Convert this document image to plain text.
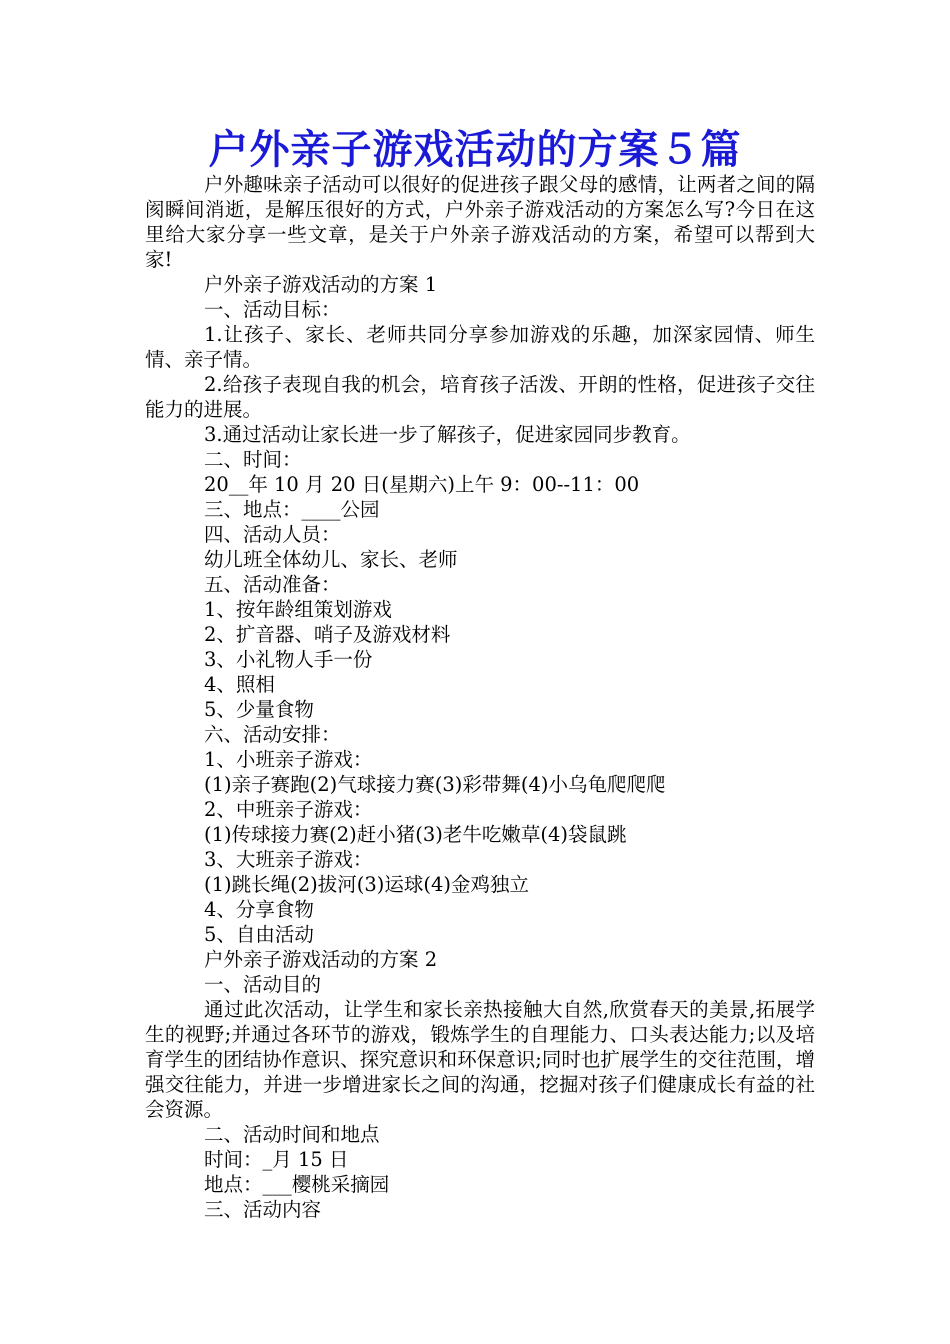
户外亲子游戏活动的方案５篇

户外趣味亲子活动可以很好的促进孩子跟父母的感情，让两者之间的隔阂瞬间消逝，是解压很好的方式，户外亲子游戏活动的方案怎么写?今日在这里给大家分享一些文章，是关于户外亲子游戏活动的方案，希望可以帮到大家!

户外亲子游戏活动的方案 1

一、活动目标：

1.让孩子、家长、老师共同分享参加游戏的乐趣，加深家园情、师生情、亲子情。

2.给孩子表现自我的机会，培育孩子活泼、开朗的性格，促进孩子交往能力的进展。

3.通过活动让家长进一步了解孩子，促进家园同步教育。

二、时间：

20__年 10 月 20 日(星期六)上午 9：00--11：00

三、地点：____公园

四、活动人员：

幼儿班全体幼儿、家长、老师

五、活动准备：

1、按年龄组策划游戏

2、扩音器、哨子及游戏材料

3、小礼物人手一份

4、照相

5、少量食物

六、活动安排：

1、小班亲子游戏：

(1)亲子赛跑(2)气球接力赛(3)彩带舞(4)小乌龟爬爬爬

2、中班亲子游戏：

(1)传球接力赛(2)赶小猪(3)老牛吃嫩草(4)袋鼠跳

3、大班亲子游戏：

(1)跳长绳(2)拔河(3)运球(4)金鸡独立

4、分享食物

5、自由活动

户外亲子游戏活动的方案 2

一、活动目的

通过此次活动，让学生和家长亲热接触大自然,欣赏春天的美景,拓展学生的视野;并通过各环节的游戏，锻炼学生的自理能力、口头表达能力;以及培育学生的团结协作意识、探究意识和环保意识;同时也扩展学生的交往范围，增强交往能力，并进一步增进家长之间的沟通，挖掘对孩子们健康成长有益的社会资源。

二、活动时间和地点

时间：_月 15 日

地点：___樱桃采摘园

三、活动内容
